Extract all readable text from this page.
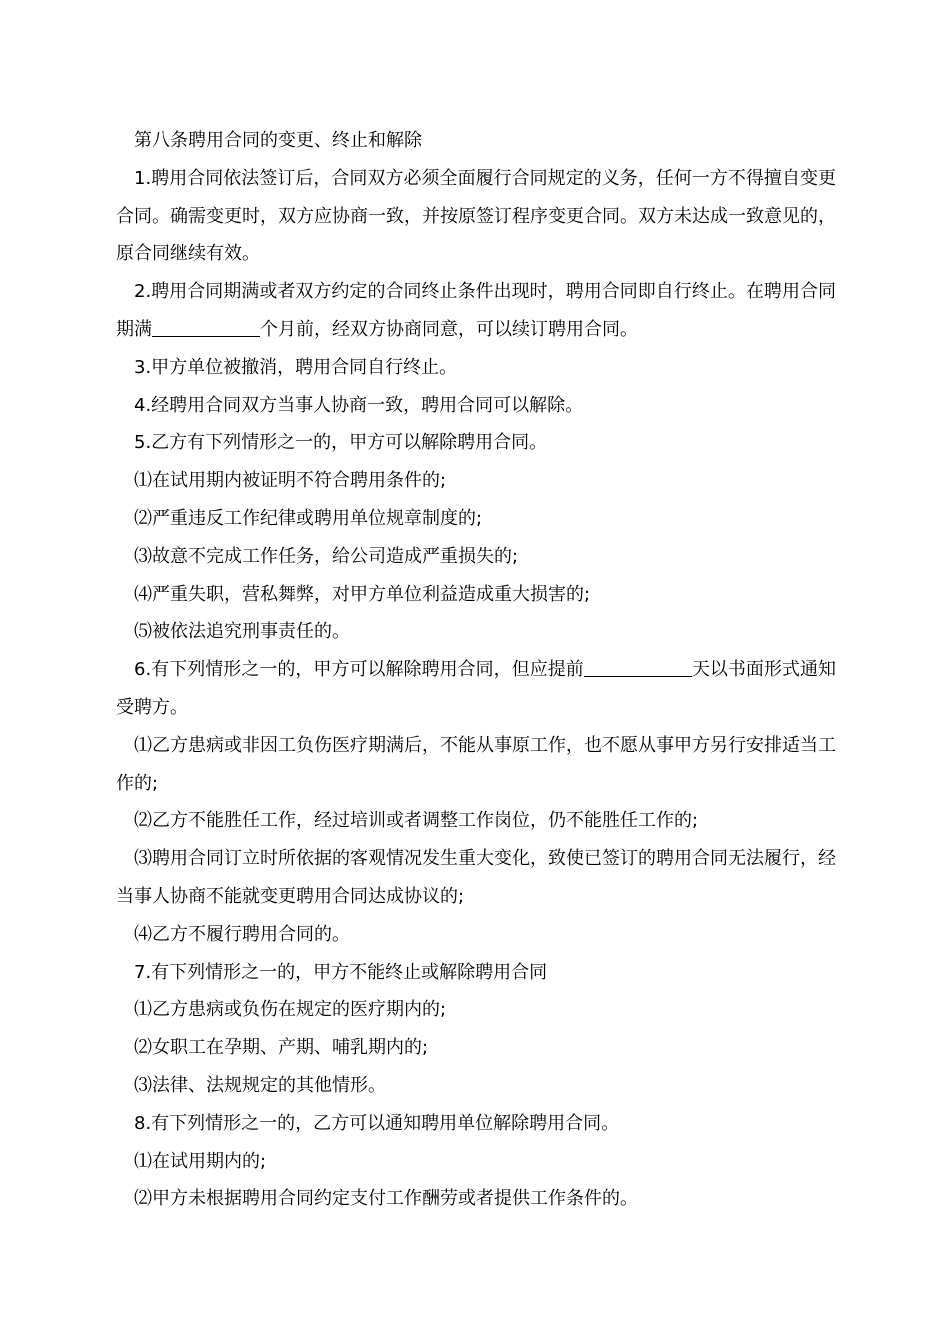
第八条聘用合同的变更、终止和解除

1.聘用合同依法签订后，合同双方必须全面履行合同规定的义务，任何一方不得擅自变更合同。确需变更时，双方应协商一致，并按原签订程序变更合同。双方未达成一致意见的，原合同继续有效。

2.聘用合同期满或者双方约定的合同终止条件出现时，聘用合同即自行终止。在聘用合同期满	个月前，经双方协商同意，可以续订聘用合同。

3.甲方单位被撤消，聘用合同自行终止。

4.经聘用合同双方当事人协商一致，聘用合同可以解除。

5.乙方有下列情形之一的，甲方可以解除聘用合同。

⑴在试用期内被证明不符合聘用条件的;

⑵严重违反工作纪律或聘用单位规章制度的;

⑶故意不完成工作任务，给公司造成严重损失的;

⑷严重失职，营私舞弊，对甲方单位利益造成重大损害的;

⑸被依法追究刑事责任的。

6.有下列情形之一的，甲方可以解除聘用合同，但应提前	天以书面形式通知受聘方。

⑴乙方患病或非因工负伤医疗期满后，不能从事原工作，也不愿从事甲方另行安排适当工作的;

⑵乙方不能胜任工作，经过培训或者调整工作岗位，仍不能胜任工作的;

⑶聘用合同订立时所依据的客观情况发生重大变化，致使已签订的聘用合同无法履行，经当事人协商不能就变更聘用合同达成协议的;

⑷乙方不履行聘用合同的。

7.有下列情形之一的，甲方不能终止或解除聘用合同

⑴乙方患病或负伤在规定的医疗期内的;

⑵女职工在孕期、产期、哺乳期内的;

⑶法律、法规规定的其他情形。

8.有下列情形之一的，乙方可以通知聘用单位解除聘用合同。

⑴在试用期内的;

⑵甲方未根据聘用合同约定支付工作酬劳或者提供工作条件的。
